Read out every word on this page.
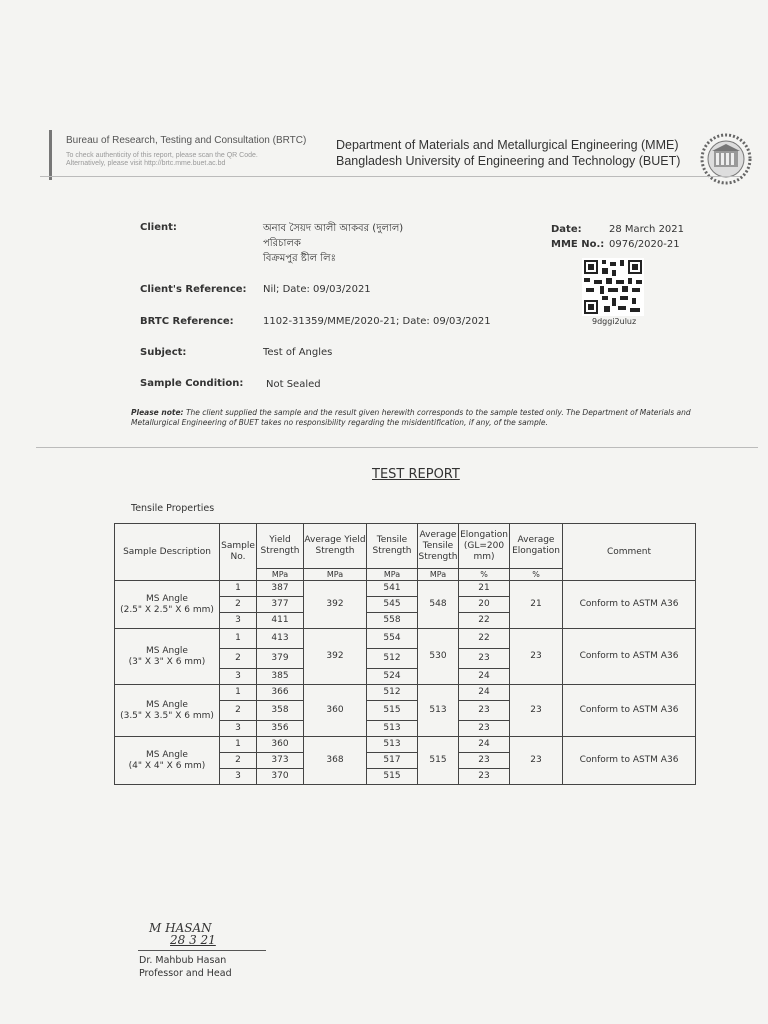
Bureau of Research, Testing and Consultation (BRTC)
To check authenticity of this report, please scan the QR Code.
Alternatively, please visit http://brtc.mme.buet.ac.bd
Department of Materials and Metallurgical Engineering (MME)
Bangladesh University of Engineering and Technology (BUET)
Client:	অনাব সৈয়দ আলী আকবর (দুলাল)
পরিচালক
বিক্রমপুর ষ্টীল লিঃ
Date:	28 March 2021
MME No.: 0976/2020-21
9dggi2uluz
Client's Reference: Nil; Date: 09/03/2021
BRTC Reference:	1102-31359/MME/2020-21; Date: 09/03/2021
Subject:	Test of Angles
Sample Condition: Not Sealed
Please note: The client supplied the sample and the result given herewith corresponds to the sample tested only. The Department of Materials and Metallurgical Engineering of BUET takes no responsibility regarding the misidentification, if any, of the sample.
TEST REPORT
Tensile Properties
Sample Description	Sample No.	Yield Strength	Average Yield Strength	Tensile Strength	Average Tensile Strength	Elongation (GL=200 mm)	Average Elongation	Comment
		MPa	MPa	MPa	MPa	%	%	

MS Angle
(2.5" X 2.5" X 6 mm)	1	387	392	541	548	21	21	Conform to ASTM A36
	2	377		545		20		
	3	411		558		22		

MS Angle
(3" X 3" X 6 mm)	1	413	392	554	530	22	23	Conform to ASTM A36
	2	379		512		23		
	3	385		524		24		

MS Angle
(3.5" X 3.5" X 6 mm)	1	366	360	512	513	24	23	Conform to ASTM A36
	2	358		515		23		
	3	356		513		23		

MS Angle
(4" X 4" X 6 mm)	1	360	368	513	515	24	23	Conform to ASTM A36
	2	373		517		23		
	3	370		515		23		
M HASAN
28 3 21
Dr. Mahbub Hasan
Professor and Head
